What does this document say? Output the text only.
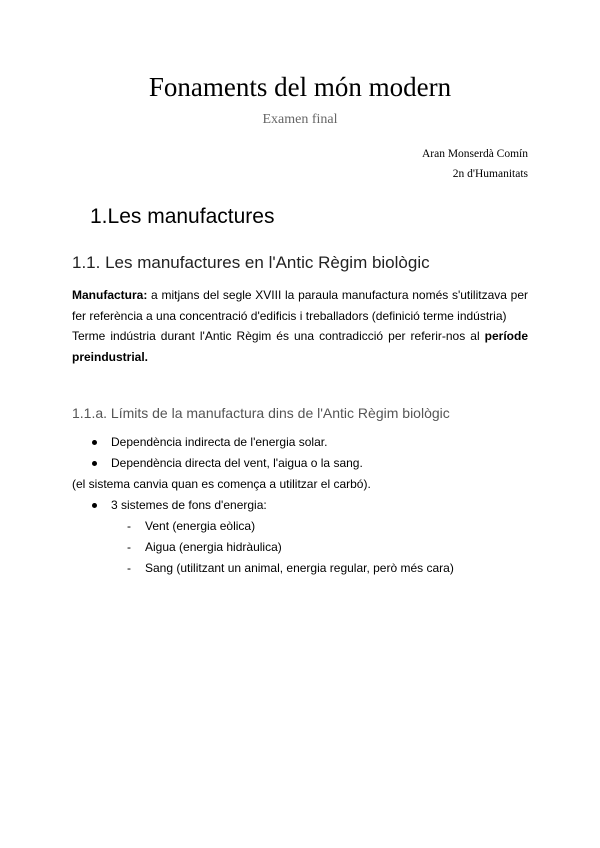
Fonaments del món modern
Examen final
Aran Monserdà Comín
2n d'Humanitats
1.Les manufactures
1.1. Les manufactures en l'Antic Règim biològic
Manufactura: a mitjans del segle XVIII la paraula manufactura només s'utilitzava per fer referència a una concentració d'edificis i treballadors (definició terme indústria)
Terme indústria durant l'Antic Règim és una contradicció per referir-nos al període preindustrial.
1.1.a. Límits de la manufactura dins de l'Antic Règim biològic
Dependència indirecta de l'energia solar.
Dependència directa del vent, l'aigua o la sang.
(el sistema canvia quan es comença a utilitzar el carbó).
3 sistemes de fons d'energia:
- Vent (energia eòlica)
- Aigua (energia hidràulica)
- Sang (utilitzant un animal, energia regular, però més cara)
